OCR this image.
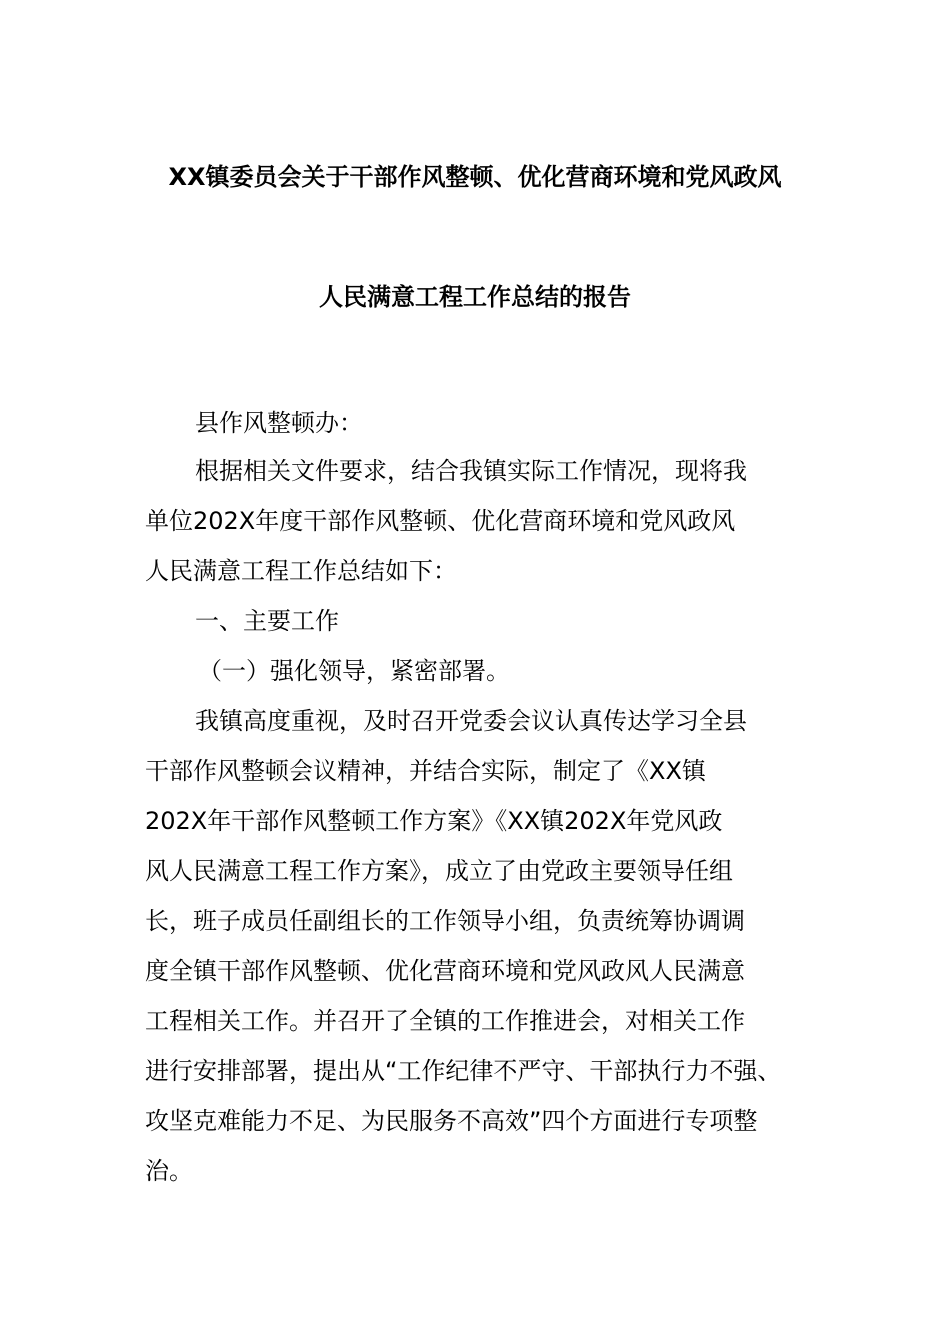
XX镇委员会关于干部作风整顿、优化营商环境和党风政风
人民满意工程工作总结的报告
县作风整顿办：
根据相关文件要求，结合我镇实际工作情况，现将我
单位202X年度干部作风整顿、优化营商环境和党风政风
人民满意工程工作总结如下：
一、主要工作
（一）强化领导，紧密部署。
我镇高度重视，及时召开党委会议认真传达学习全县
干部作风整顿会议精神，并结合实际，制定了《XX镇
202X年干部作风整顿工作方案》《XX镇202X年党风政
风人民满意工程工作方案》，成立了由党政主要领导任组
长，班子成员任副组长的工作领导小组，负责统筹协调调
度全镇干部作风整顿、优化营商环境和党风政风人民满意
工程相关工作。并召开了全镇的工作推进会，对相关工作
进行安排部署，提出从“工作纪律不严守、干部执行力不强、
攻坚克难能力不足、为民服务不高效”四个方面进行专项整
治。
